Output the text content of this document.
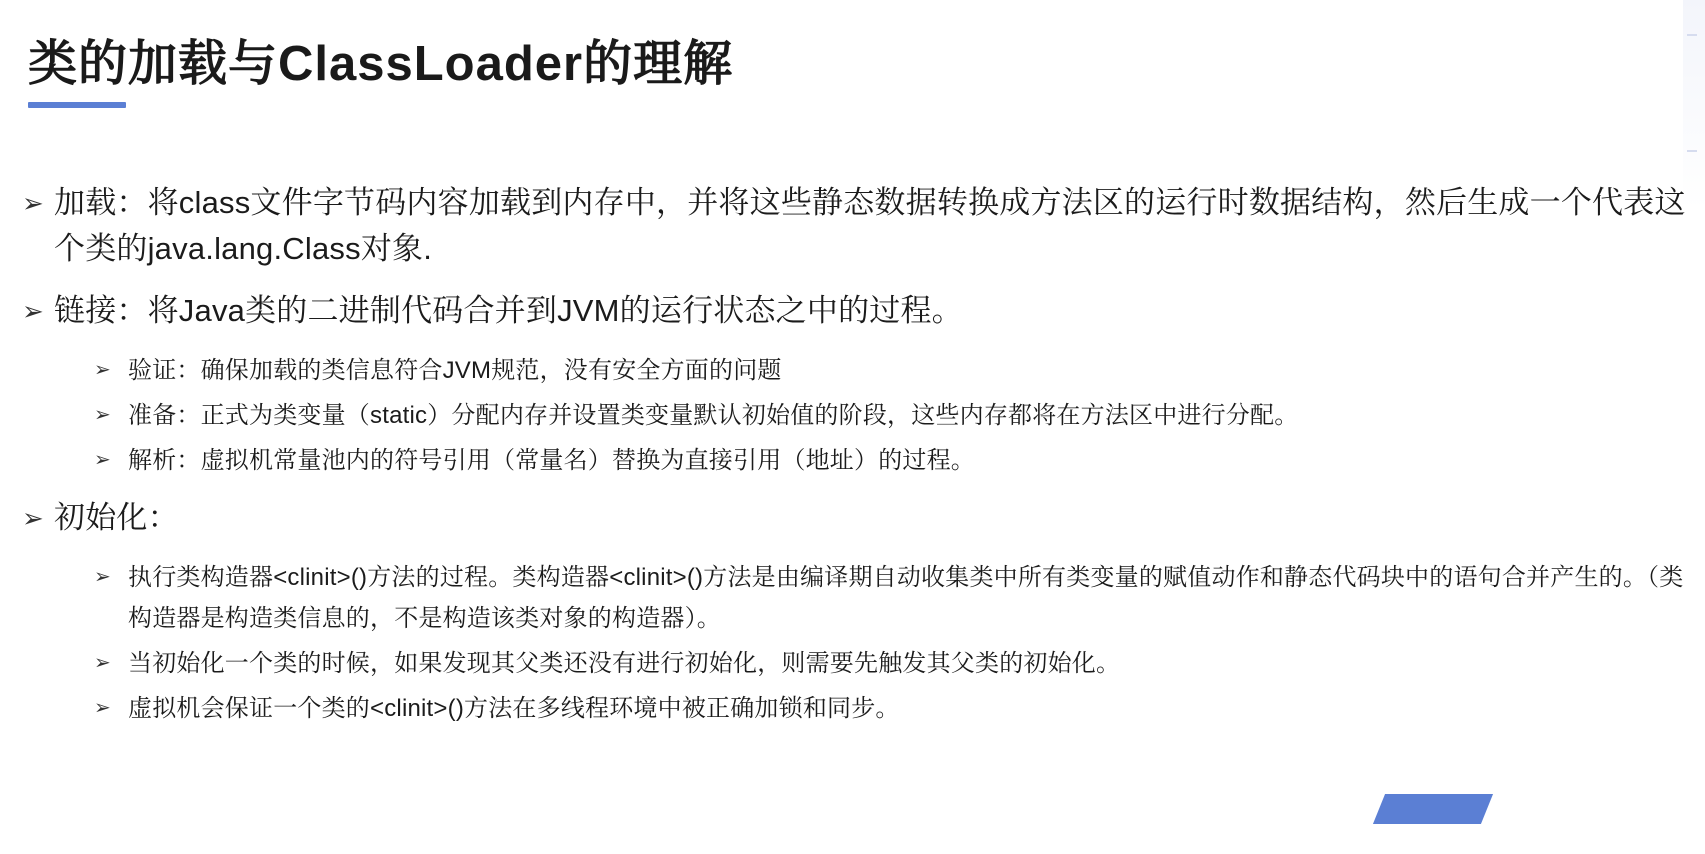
类的加载与ClassLoader的理解
➢ 加载：将class文件字节码内容加载到内存中，并将这些静态数据转换成方法区的运行时数据结构，然后生成一个代表这个类的java.lang.Class对象.
➢ 链接：将Java类的二进制代码合并到JVM的运行状态之中的过程。
➢ 验证：确保加载的类信息符合JVM规范，没有安全方面的问题
➢ 准备：正式为类变量（static）分配内存并设置类变量默认初始值的阶段，这些内存都将在方法区中进行分配。
➢ 解析：虚拟机常量池内的符号引用（常量名）替换为直接引用（地址）的过程。
➢ 初始化：
➢ 执行类构造器<clinit>()方法的过程。类构造器<clinit>()方法是由编译期自动收集类中所有类变量的赋值动作和静态代码块中的语句合并产生的。（类构造器是构造类信息的，不是构造该类对象的构造器）。
➢ 当初始化一个类的时候，如果发现其父类还没有进行初始化，则需要先触发其父类的初始化。
➢ 虚拟机会保证一个类的<clinit>()方法在多线程环境中被正确加锁和同步。
